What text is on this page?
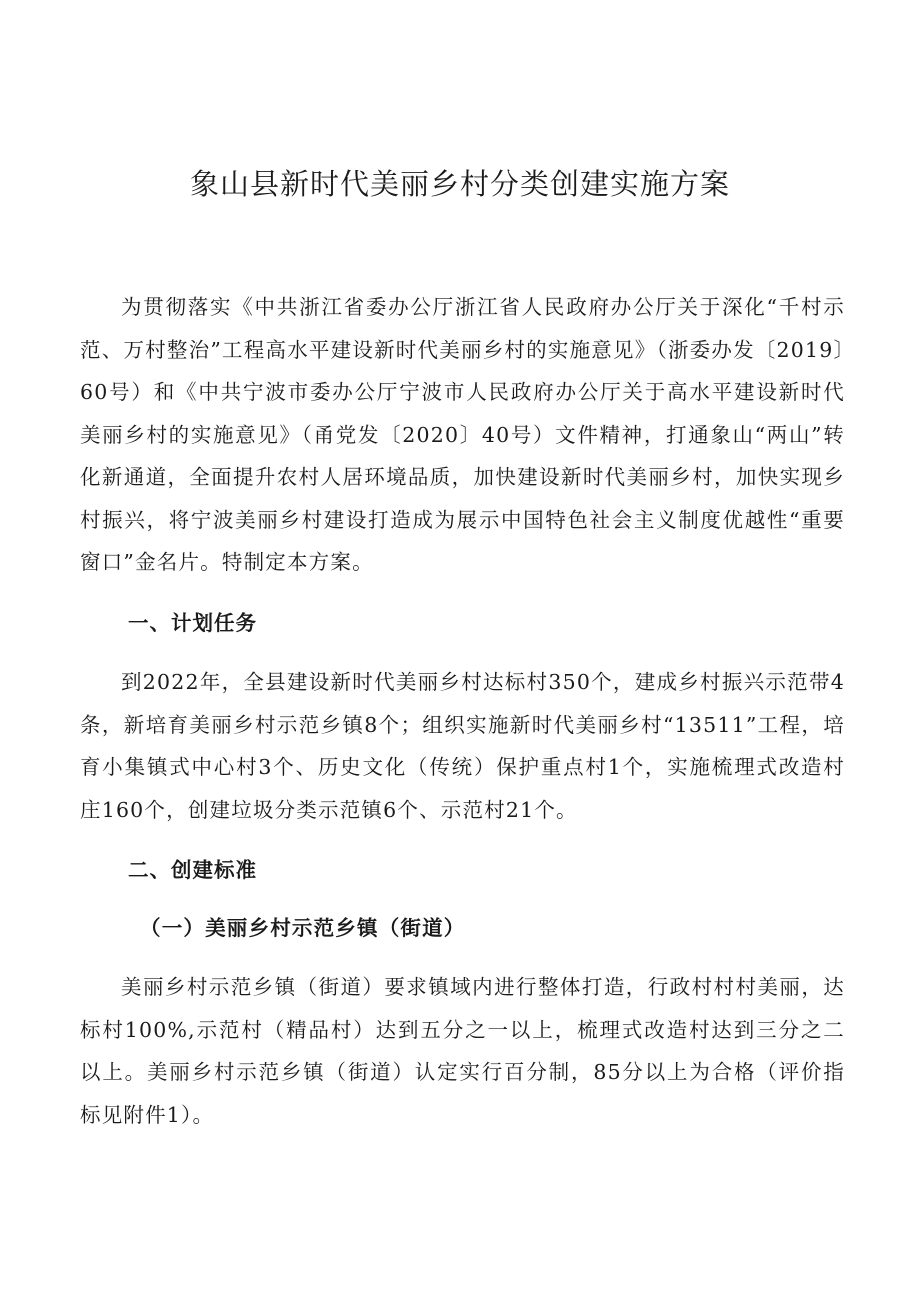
象山县新时代美丽乡村分类创建实施方案

为贯彻落实《中共浙江省委办公厅浙江省人民政府办公厅关于深化“千村示范、万村整治”工程高水平建设新时代美丽乡村的实施意见》（浙委办发〔2019〕60号）和《中共宁波市委办公厅宁波市人民政府办公厅关于高水平建设新时代美丽乡村的实施意见》（甬党发〔2020〕40号）文件精神，打通象山“两山”转化新通道，全面提升农村人居环境品质，加快建设新时代美丽乡村，加快实现乡村振兴，将宁波美丽乡村建设打造成为展示中国特色社会主义制度优越性“重要窗口”金名片。特制定本方案。

一、计划任务

到2022年，全县建设新时代美丽乡村达标村350个，建成乡村振兴示范带4条，新培育美丽乡村示范乡镇8个；组织实施新时代美丽乡村“13511”工程，培育小集镇式中心村3个、历史文化（传统）保护重点村1个，实施梳理式改造村庄160个，创建垃圾分类示范镇6个、示范村21个。

二、创建标准
（一）美丽乡村示范乡镇（街道）

美丽乡村示范乡镇（街道）要求镇域内进行整体打造，行政村村村美丽，达标村100%,示范村（精品村）达到五分之一以上，梳理式改造村达到三分之二以上。美丽乡村示范乡镇（街道）认定实行百分制，85分以上为合格（评价指标见附件1）。
